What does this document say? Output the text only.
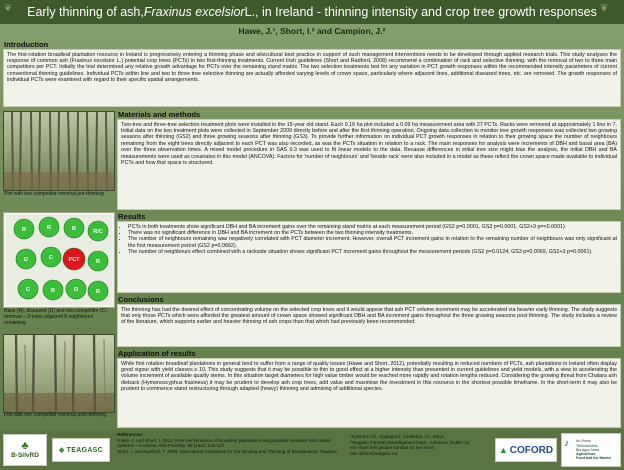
Early thinning of ash, Fraxinus excelsior L., in Ireland - thinning intensity and crop tree growth responses
❦	❦
Hawe, J.¹, Short, I.² and Campion, J.²
Introduction
The first-rotation broadleaf plantation resource in Ireland is progressively entering a thinning phase and silvicultural best practice in support of such management interventions needs to be developed through applied research trials. This study analyses the response of common ash (Fraxinus excelsior L.) potential crop trees (PCTs) in two first-thinning treatments. Current Irish guidelines (Short and Radford, 2008) recommend a combination of rack and selective thinning, with the removal of two to three main competitors per PCT. Initially the trial determined any relative growth advantage for PCTs over the remaining stand matrix. The two selection treatments test for any variation in PCT growth responses within the recommended intensity parameters of current conventional thinning guidelines. Individual PCTs within line and two to three tree selective thinning are actually afforded varying levels of crown space, particularly where adjacent lines, additional diseased trees, etc. are removed. The growth responses of individual PCTs were examined with regard to their specific spatial arrangements.
Plot with two competitor removal pre-thinning
R	R	R	R/C
D	C	PCT	R
C	R	D	R
Rack (R), diseased (D) and two competitor (C) removal – 3 trees adjacent 8 neighbours remaining
Plot with two competitor removal post-thinning
Materials and methods
Two-tree and three-tree selection treatment plots were installed in the 15-year old stand. Each 0.16 ha plot included a 0.09 ha measurement area with 27 PCTs. Racks were removed at approximately 1 line in 7. Initial data on the two treatment plots were collected in September 2009 directly before and after the first thinning operation. Ongoing data collection to monitor tree growth responses was collected two growing seasons after thinning (GS2) and three growing seasons after thinning (GS3). To provide further information on individual PCT growth responses in relation to their growing space the number of neighbours remaining from the eight trees directly adjacent to each PCT was also recorded, as was the PCTs situation in relation to a rack. The main responses for analysis were increments of DBH and basal area (BA) over the three observation times. A mixed model procedure in SAS 9.3 was used to fit linear models to the data. Because differences in initial tree size might bias the analysis, the initial DBH and BA measurements were used as covariates in this model (ANCOVA). Factors for 'number of neighbours' and 'beside rack' were also included in a model as these reflect the crown space made available to individual PCTs and how that space is structured.
Results
• PCTs in both treatments show significant DBH and BA increment gains over the remaining stand matrix at each measurement period (GS2 p=0.0001, GS3 p=0.0001, GS2+3 p=<0.0001).
• There was no significant difference in DBH and BA increment on the PCTs between the two thinning intensity treatments.
• The number of neighbours remaining was negatively correlated with PCT diameter increment. However, overall PCT increment gains in relation to the remaining number of neighbours was only significant at the first measurement period (GS2 p=0.0662).
• The number of neighbours effect combined with a rackside situation shows significant PCT increment gains throughout the measurement periods (GS2 p=0.0124, GS3 p=0.0069, GS2+3 p=0.0061).
Conclusions
The thinning has had the desired effect of concentrating volume on the selected crop trees and it would appear that ash PCT volume increment may be accelerated via heavier early thinning. The study suggests that only those PCTs which were afforded the greatest amount of crown space showed significant DBH and BA increment gains throughout the three growing seasons post thinning. The study includes a review of the literature, which supports earlier and heavier thinning of ash crops than that which had previously been recommended.
Application of results
While first rotation broadleaf plantations in general tend to suffer from a range of quality issues (Hawe and Short, 2012), potentially resulting in reduced numbers of PCTs, ash plantations in Ireland often display good vigour with yield classes ≥ 10. This study suggests that it may be possible to thin to good effect at a higher intensity than presented in current guidelines and yield models, with a view to accelerating the volume increment of available quality stems. In this situation target diameters for high value timber would be reached more rapidly and rotation lengths reduced. Considering the growing threat from Chalara ash dieback (Hymenoscyphus fraxineus) it may be prudent to develop ash crop trees, add value and maximise the investment in this resource in the shortest possible timeframe. In the short-term it may also be prudent to commence stand restructuring through adapted (heavy) thinning and admixing of additional species.
♣
B-SilvRD
◆ TEAGASC
References:
Hawe, J. and Short, I. 2012. Poor performance of broadleaf plantations and possible remedial silvicultural systems – a review. Irish Forestry, 69 (1&2): 126-147.
Short, I. and Radford, T. 2008. Silvicultural Guidelines for the Tending and Thinning of Broadleaves. Teagasc.
¹Sylviron Ltd., Applegard, Castlebar, Co. Mayo
²Teagasc Forestry Development Dept., Ashtown, Dublin 15
For more info please contact Dr Ian Short
(Ian.Short@teagasc.ie)	▲ COFORD
♪ An Roinn
Talmhaíochta,
Bia agus Mara
Agriculture,
Food and the Marine
